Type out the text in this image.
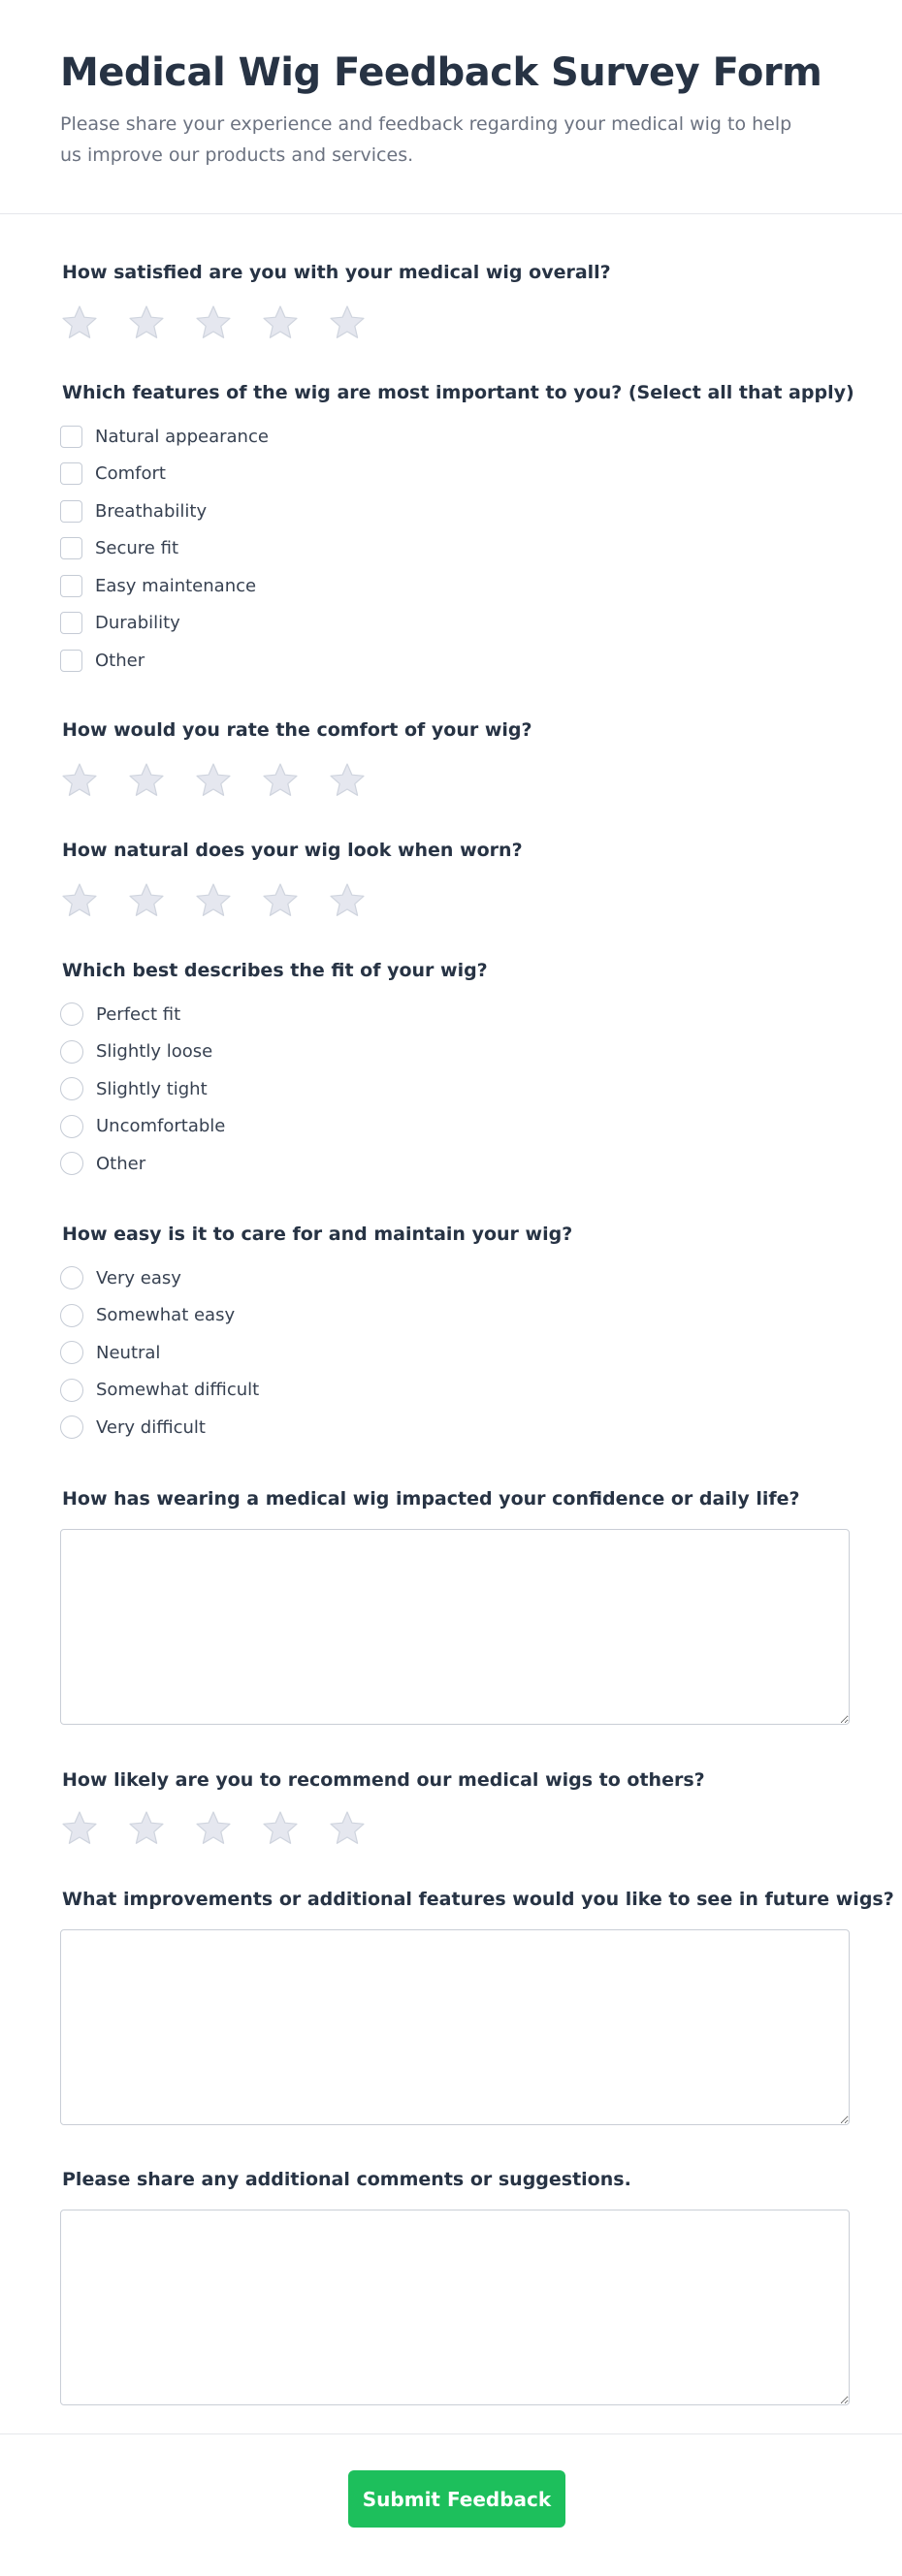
Medical Wig Feedback Survey Form

Please share your experience and feedback regarding your medical wig to help us improve our products and services.

How satisfied are you with your medical wig overall?
Which features of the wig are most important to you? (Select all that apply)
Natural appearance
Comfort
Breathability
Secure fit
Easy maintenance
Durability
Other
How would you rate the comfort of your wig?
How natural does your wig look when worn?
Which best describes the fit of your wig?
Perfect fit
Slightly loose
Slightly tight
Uncomfortable
Other
How easy is it to care for and maintain your wig?
Very easy
Somewhat easy
Neutral
Somewhat difficult
Very difficult
How has wearing a medical wig impacted your confidence or daily life?
How likely are you to recommend our medical wigs to others?
What improvements or additional features would you like to see in future wigs?
Please share any additional comments or suggestions.
Submit Feedback
